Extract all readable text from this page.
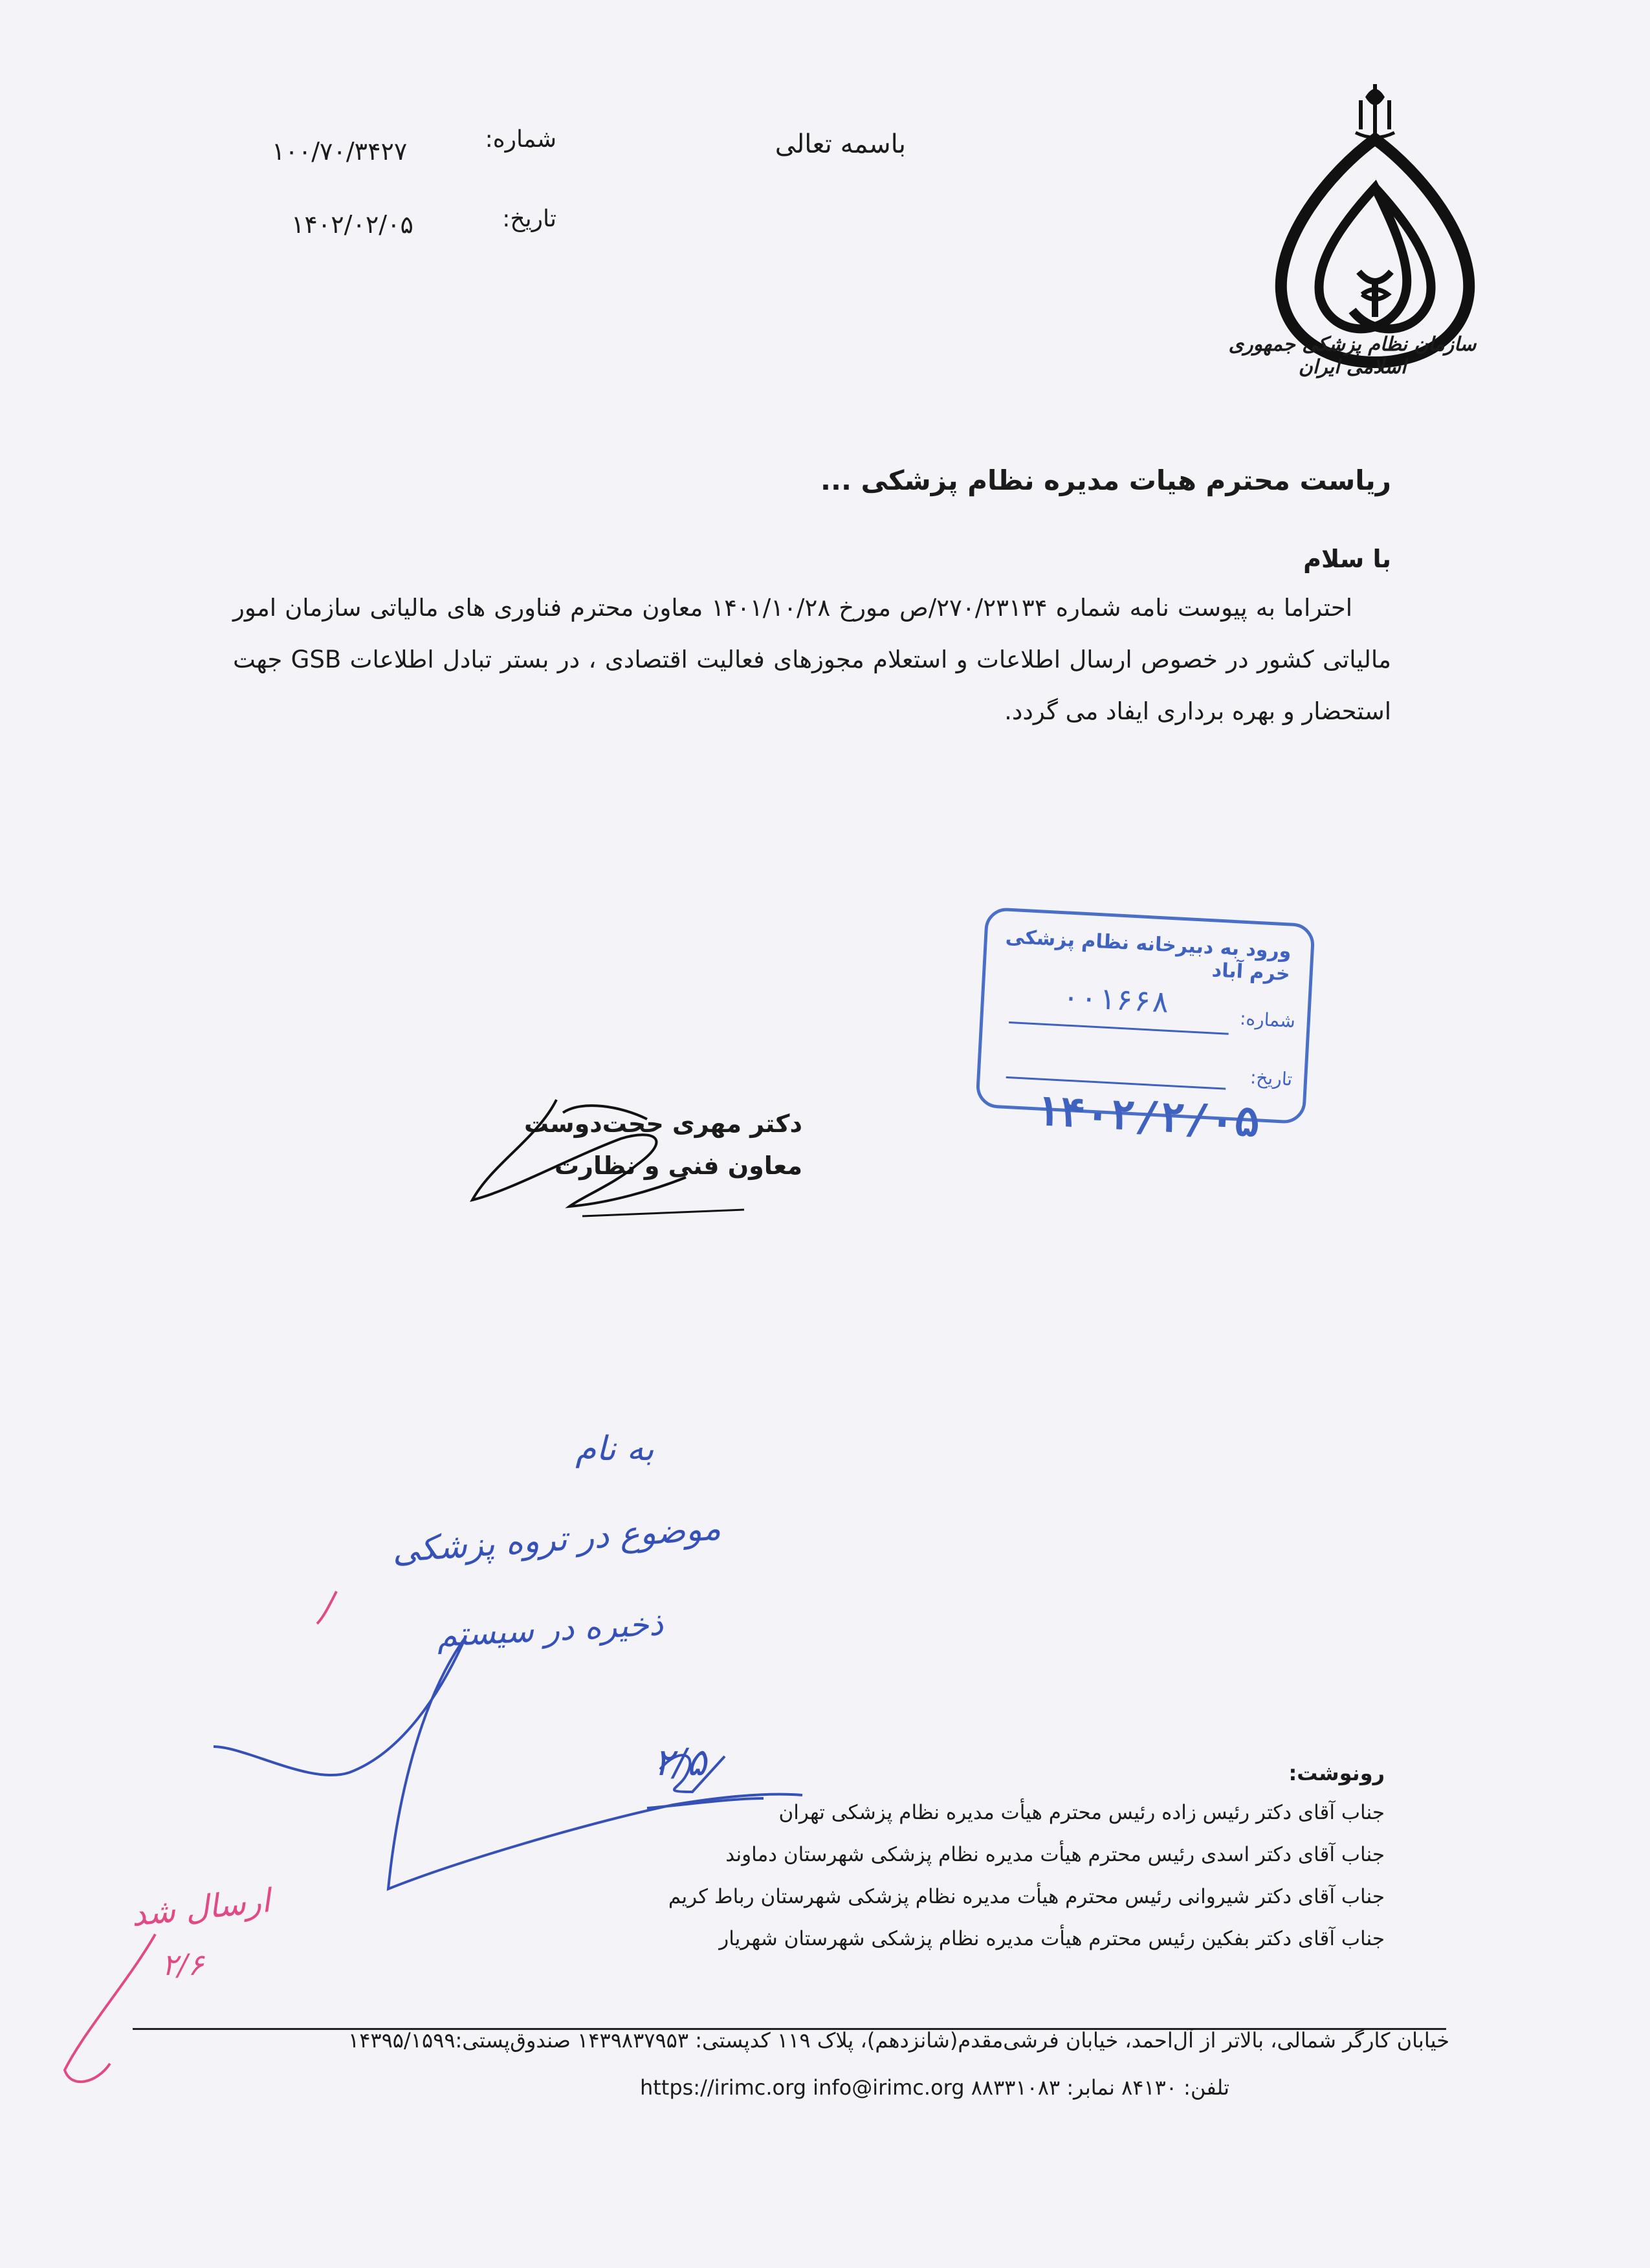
باسمه تعالی
شماره:
۱۰۰/۷۰/۳۴۲۷
تاریخ:
۱۴۰۲/۰۲/۰۵
سازمان نظام پزشکی جمهوری اسلامی ایران
ریاست محترم هیات مدیره نظام پزشکی ...
با سلام
احتراما به پیوست نامه شماره ۲۷۰/۲۳۱۳۴/ص مورخ ۱۴۰۱/۱۰/۲۸ معاون محترم فناوری های مالیاتی سازمان امور مالیاتی کشور در خصوص ارسال اطلاعات و استعلام مجوزهای فعالیت اقتصادی ، در بستر تبادل اطلاعات GSB جهت استحضار و بهره برداری ایفاد می گردد.
ورود به دبیرخانه نظام پزشکی خرم آباد
شماره:
۰۰۱۶۶۸
تاریخ:
۱۴۰۲/۲/۰۵
دکتر مهری حجت‌دوست
معاون فنی و نظارت
به نام
موضوع در تروه پزشکی
ذخیره در سیستم
۲/۵
ارسال شد
۲/۶
رونوشت:
جناب آقای دکتر رئیس زاده رئیس محترم هیأت مدیره نظام پزشکی تهران
جناب آقای دکتر اسدی رئیس محترم هیأت مدیره نظام پزشکی شهرستان دماوند
جناب آقای دکتر شیروانی رئیس محترم هیأت مدیره نظام پزشکی شهرستان رباط کریم
جناب آقای دکتر بفکین رئیس محترم هیأت مدیره نظام پزشکی شهرستان شهریار
خیابان کارگر شمالی، بالاتر از آل‌احمد، خیابان فرشی‌مقدم(شانزدهم)، پلاک ۱۱۹ کدپستی: ۱۴۳۹۸۳۷۹۵۳ صندوق‌پستی:۱۴۳۹۵/۱۵۹۹
تلفن: ۸۴۱۳۰ نمابر: ۸۸۳۳۱۰۸۳ https://irimc.org info@irimc.org
